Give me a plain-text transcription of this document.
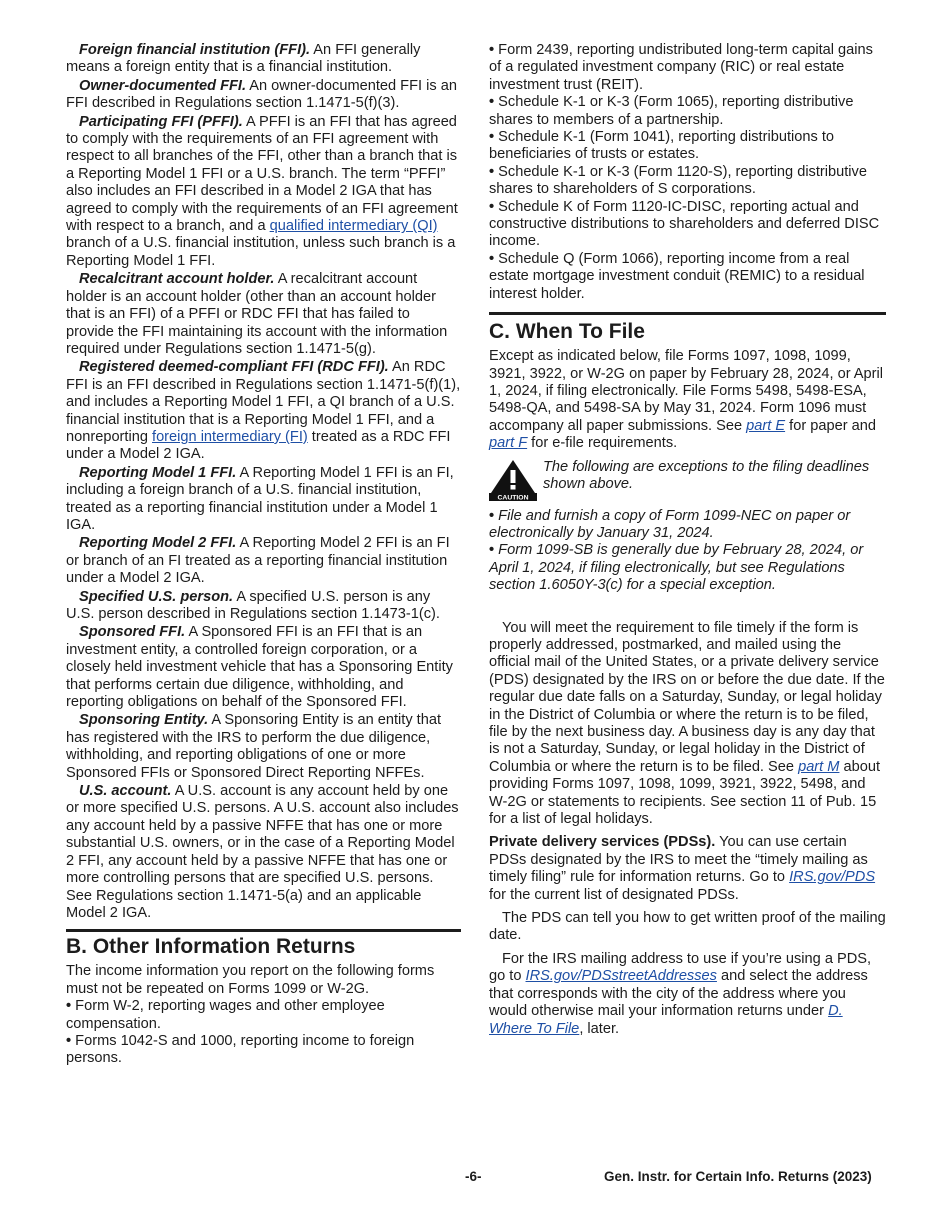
Foreign financial institution (FFI). An FFI generally means a foreign entity that is a financial institution.

Owner-documented FFI. An owner-documented FFI is an FFI described in Regulations section 1.1471-5(f)(3).

Participating FFI (PFFI). A PFFI is an FFI that has agreed to comply with the requirements of an FFI agreement with respect to all branches of the FFI, other than a branch that is a Reporting Model 1 FFI or a U.S. branch. The term “PFFI” also includes an FFI described in a Model 2 IGA that has agreed to comply with the requirements of an FFI agreement with respect to a branch, and a qualified intermediary (QI) branch of a U.S. financial institution, unless such branch is a Reporting Model 1 FFI.

Recalcitrant account holder. A recalcitrant account holder is an account holder (other than an account holder that is an FFI) of a PFFI or RDC FFI that has failed to provide the FFI maintaining its account with the information required under Regulations section 1.1471-5(g).

Registered deemed-compliant FFI (RDC FFI). An RDC FFI is an FFI described in Regulations section 1.1471-5(f)(1), and includes a Reporting Model 1 FFI, a QI branch of a U.S. financial institution that is a Reporting Model 1 FFI, and a nonreporting foreign intermediary (FI) treated as a RDC FFI under a Model 2 IGA.

Reporting Model 1 FFI. A Reporting Model 1 FFI is an FI, including a foreign branch of a U.S. financial institution, treated as a reporting financial institution under a Model 1 IGA.

Reporting Model 2 FFI. A Reporting Model 2 FFI is an FI or branch of an FI treated as a reporting financial institution under a Model 2 IGA.

Specified U.S. person. A specified U.S. person is any U.S. person described in Regulations section 1.1473-1(c).

Sponsored FFI. A Sponsored FFI is an FFI that is an investment entity, a controlled foreign corporation, or a closely held investment vehicle that has a Sponsoring Entity that performs certain due diligence, withholding, and reporting obligations on behalf of the Sponsored FFI.

Sponsoring Entity. A Sponsoring Entity is an entity that has registered with the IRS to perform the due diligence, withholding, and reporting obligations of one or more Sponsored FFIs or Sponsored Direct Reporting NFFEs.

U.S. account. A U.S. account is any account held by one or more specified U.S. persons. A U.S. account also includes any account held by a passive NFFE that has one or more substantial U.S. owners, or in the case of a Reporting Model 2 FFI, any account held by a passive NFFE that has one or more controlling persons that are specified U.S. persons. See Regulations section 1.1471-5(a) and an applicable Model 2 IGA.

B. Other Information Returns

The income information you report on the following forms must not be repeated on Forms 1099 or W-2G.

• Form W-2, reporting wages and other employee compensation.

• Forms 1042-S and 1000, reporting income to foreign persons.

• Form 2439, reporting undistributed long-term capital gains of a regulated investment company (RIC) or real estate investment trust (REIT).

• Schedule K-1 or K-3 (Form 1065), reporting distributive shares to members of a partnership.

• Schedule K-1 (Form 1041), reporting distributions to beneficiaries of trusts or estates.

• Schedule K-1 or K-3 (Form 1120-S), reporting distributive shares to shareholders of S corporations.

• Schedule K of Form 1120-IC-DISC, reporting actual and constructive distributions to shareholders and deferred DISC income.

• Schedule Q (Form 1066), reporting income from a real estate mortgage investment conduit (REMIC) to a residual interest holder.

C. When To File

Except as indicated below, file Forms 1097, 1098, 1099, 3921, 3922, or W-2G on paper by February 28, 2024, or April 1, 2024, if filing electronically. File Forms 5498, 5498-ESA, 5498-QA, and 5498-SA by May 31, 2024. Form 1096 must accompany all paper submissions. See part E for paper and part F for e-file requirements.

CAUTION

The following are exceptions to the filing deadlines shown above.

• File and furnish a copy of Form 1099-NEC on paper or electronically by January 31, 2024.

• Form 1099-SB is generally due by February 28, 2024, or April 1, 2024, if filing electronically, but see Regulations section 1.6050Y-3(c) for a special exception.

You will meet the requirement to file timely if the form is properly addressed, postmarked, and mailed using the official mail of the United States, or a private delivery service (PDS) designated by the IRS on or before the due date. If the regular due date falls on a Saturday, Sunday, or legal holiday in the District of Columbia or where the return is to be filed, file by the next business day. A business day is any day that is not a Saturday, Sunday, or legal holiday in the District of Columbia or where the return is to be filed. See part M about providing Forms 1097, 1098, 1099, 3921, 3922, 5498, and W-2G or statements to recipients. See section 11 of Pub. 15 for a list of legal holidays.

Private delivery services (PDSs). You can use certain PDSs designated by the IRS to meet the “timely mailing as timely filing” rule for information returns. Go to IRS.gov/PDS for the current list of designated PDSs.

The PDS can tell you how to get written proof of the mailing date.

For the IRS mailing address to use if you’re using a PDS, go to IRS.gov/PDSstreetAddresses and select the address that corresponds with the city of the address where you would otherwise mail your information returns under D. Where To File, later.

-6-	Gen. Instr. for Certain Info. Returns (2023)
